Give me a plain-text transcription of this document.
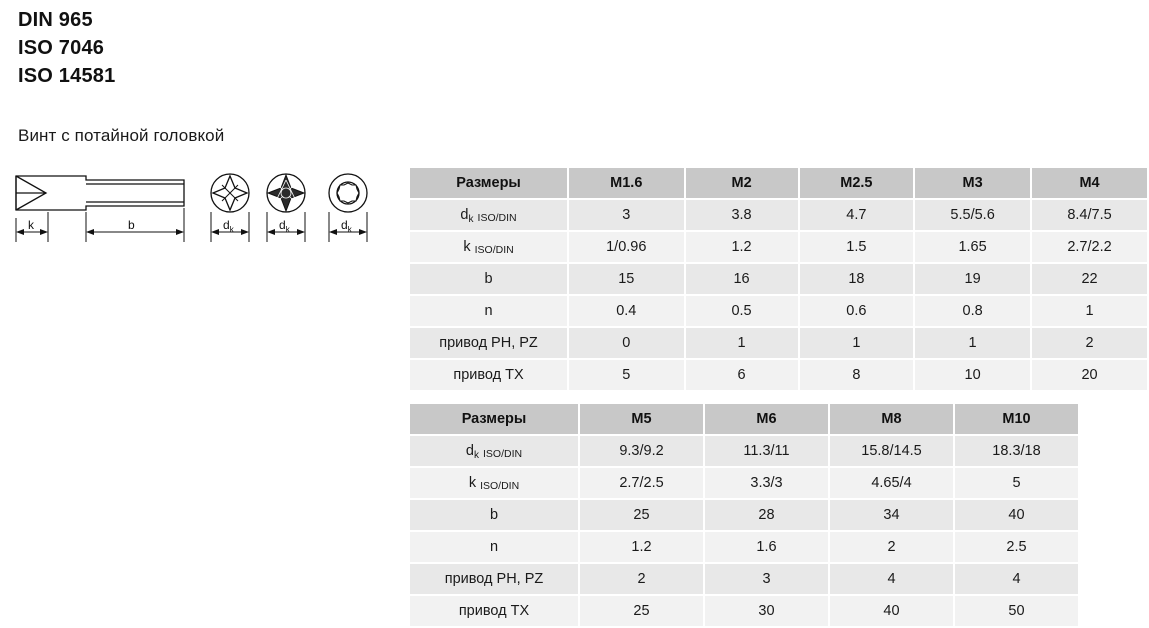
DIN 965
ISO 7046
ISO 14581
Винт с потайной головкой
k	b	$d_k$	$d_k$	$d_k$
Размеры	M1.6	M2	M2.5	M3	M4
$d_k$ ISO/DIN	3	3.8	4.7	5.5/5.6	8.4/7.5
k ISO/DIN	1/0.96	1.2	1.5	1.65	2.7/2.2
b	15	16	18	19	22
n	0.4	0.5	0.6	0.8	1
привод PH, PZ	0	1	1	1	2
привод TX	5	6	8	10	20
Размеры	M5	M6	M8	M10
$d_k$ ISO/DIN	9.3/9.2	11.3/11	15.8/14.5	18.3/18
k ISO/DIN	2.7/2.5	3.3/3	4.65/4	5
b	25	28	34	40
n	1.2	1.6	2	2.5
привод PH, PZ	2	3	4	4
привод TX	25	30	40	50
